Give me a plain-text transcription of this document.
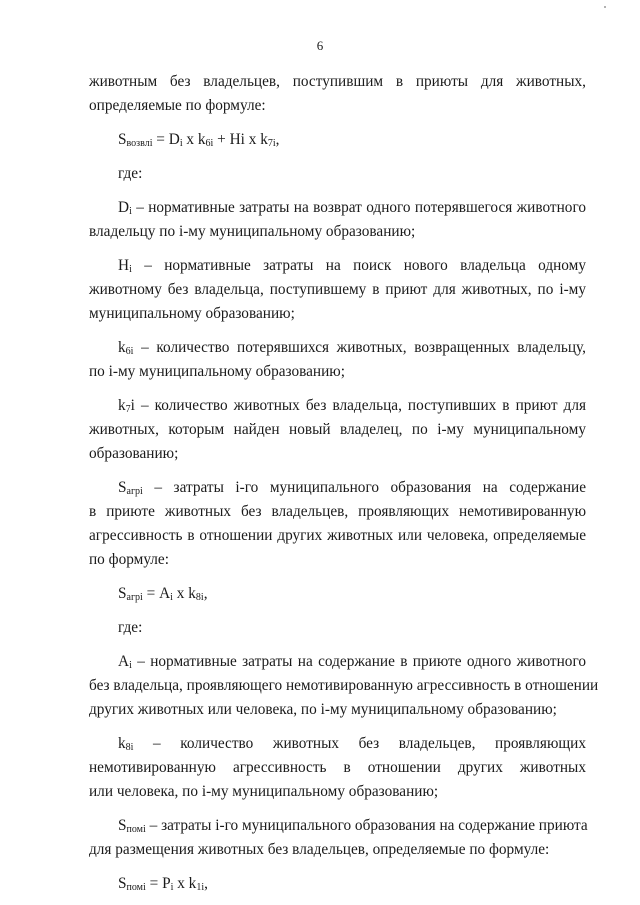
6
животным без владельцев, поступившим в приюты для животных,
определяемые по формуле:
$S_{возвлі} = D_i$ x $k_{6i} + Hi$ x $k_{7i}$,
где:
$D_i$ – нормативные затраты на возврат одного потерявшегося животного
владельцу по і-му муниципальному образованию;
$H_i$ – нормативные затраты на поиск нового владельца одному
животному без владельца, поступившему в приют для животных, по і-му
муниципальному образованию;
$k_{6i}$ – количество потерявшихся животных, возвращенных владельцу,
по і-му муниципальному образованию;
$k_7i$ – количество животных без владельца, поступивших в приют для
животных, которым найден новый владелец, по і-му муниципальному
образованию;
$S_{агрі}$ – затраты і-го муниципального образования на содержание
в приюте животных без владельцев, проявляющих немотивированную
агрессивность в отношении других животных или человека, определяемые
по формуле:
$S_{агрі} = A_i$ x $k_{8i}$,
где:
$A_i$ – нормативные затраты на содержание в приюте одного животного
без владельца, проявляющего немотивированную агрессивность в отношении
других животных или человека, по і-му муниципальному образованию;
$k_{8i}$ – количество животных без владельцев, проявляющих
немотивированную агрессивность в отношении других животных
или человека, по і-му муниципальному образованию;
$S_{помі}$ – затраты і-го муниципального образования на содержание приюта
для размещения животных без владельцев, определяемые по формуле:
$S_{помі} = P_i$ x $k_{1i}$,
